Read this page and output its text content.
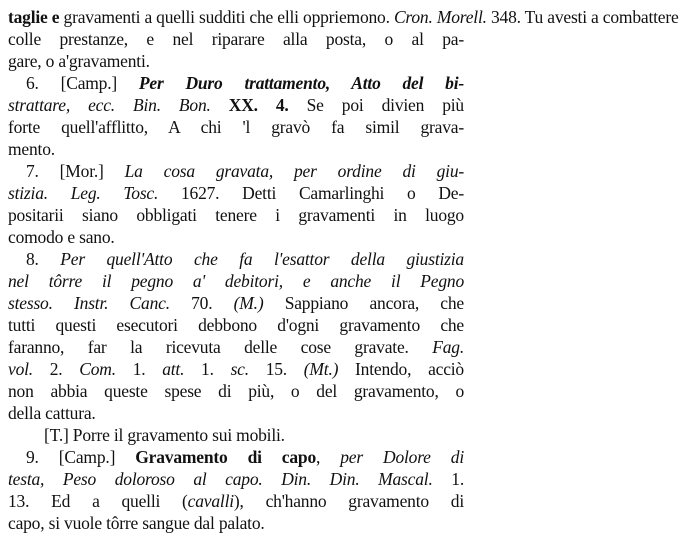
taglie e gravamenti a quelli sudditi che elli oppriemono. Cron. Morell. 348. Tu avesti a combattere
colle prestanze, e nel riparare alla posta, o al pa-
gare, o a'gravamenti.
6. [Camp.] Per Duro trattamento, Atto del bi-
strattare, ecc. Bin. Bon. XX. 4. Se poi divien più
forte quell'afflitto, A chi 'l gravò fa simil grava-
mento.
7. [Mor.] La cosa gravata, per ordine di giu-
stizia. Leg. Tosc. 1627. Detti Camarlinghi o De-
positarii siano obbligati tenere i gravamenti in luogo
comodo e sano.
8. Per quell'Atto che fa l'esattor della giustizia
nel tôrre il pegno a' debitori, e anche il Pegno
stesso. Instr. Canc. 70. (M.) Sappiano ancora, che
tutti questi esecutori debbono d'ogni gravamento che
faranno, far la ricevuta delle cose gravate. Fag.
vol. 2. Com. 1. att. 1. sc. 15. (Mt.) Intendo, acciò
non abbia queste spese di più, o del gravamento, o
della cattura.
[T.] Porre il gravamento sui mobili.
9. [Camp.] Gravamento di capo, per Dolore di
testa, Peso doloroso al capo. Din. Din. Mascal. 1.
13. Ed a quelli (cavalli), ch'hanno gravamento di
capo, si vuole tôrre sangue dal palato.
